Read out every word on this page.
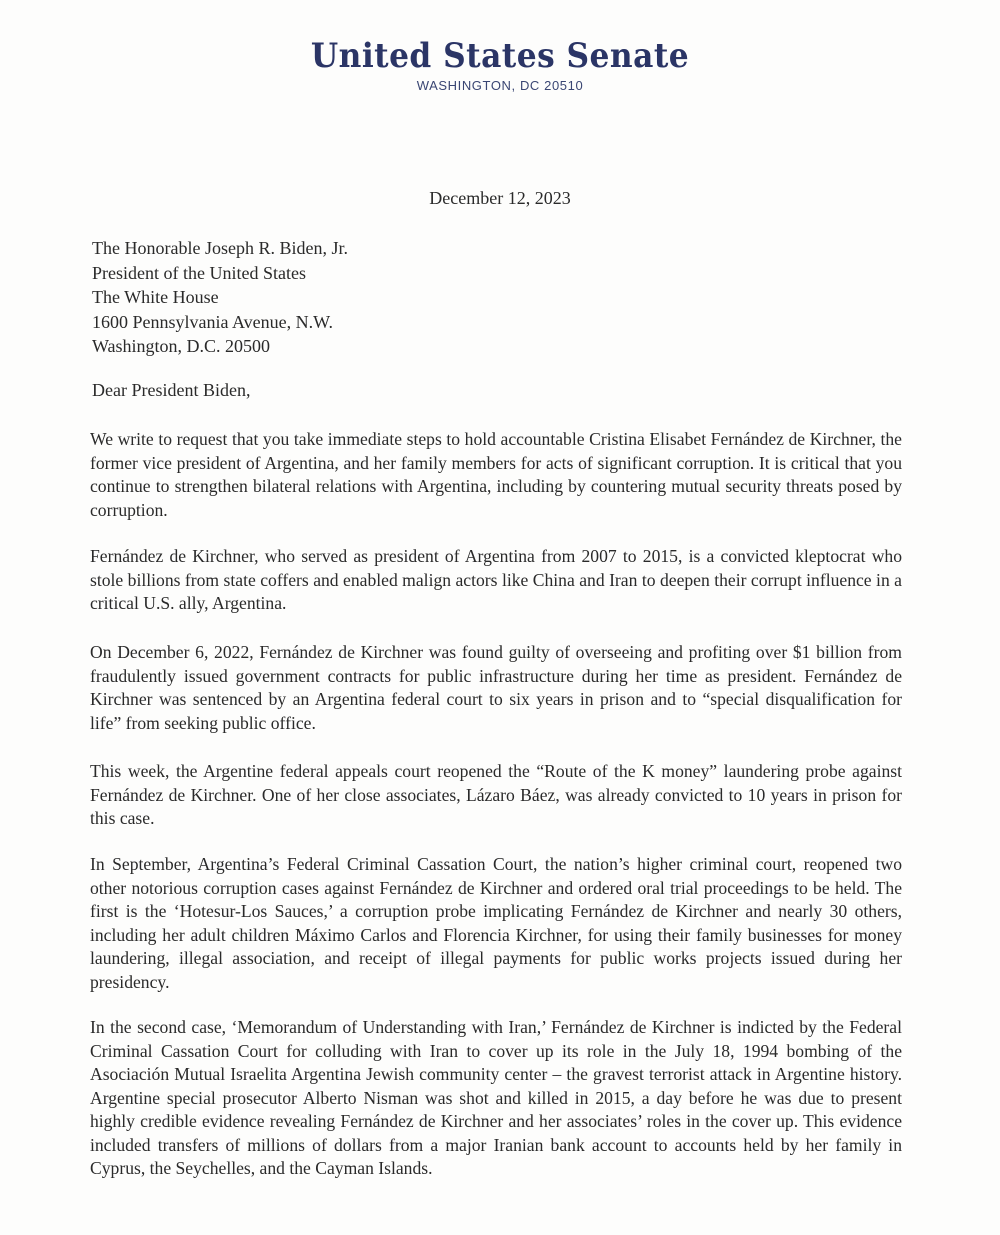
United States Senate
WASHINGTON, DC 20510
December 12, 2023
The Honorable Joseph R. Biden, Jr.
President of the United States
The White House
1600 Pennsylvania Avenue, N.W.
Washington, D.C. 20500
Dear President Biden,

We write to request that you take immediate steps to hold accountable Cristina Elisabet Fernández de Kirchner, the former vice president of Argentina, and her family members for acts of significant corruption. It is critical that you continue to strengthen bilateral relations with Argentina, including by countering mutual security threats posed by corruption.

Fernández de Kirchner, who served as president of Argentina from 2007 to 2015, is a convicted kleptocrat who stole billions from state coffers and enabled malign actors like China and Iran to deepen their corrupt influence in a critical U.S. ally, Argentina.

On December 6, 2022, Fernández de Kirchner was found guilty of overseeing and profiting over $1 billion from fraudulently issued government contracts for public infrastructure during her time as president. Fernández de Kirchner was sentenced by an Argentina federal court to six years in prison and to “special disqualification for life” from seeking public office.

This week, the Argentine federal appeals court reopened the “Route of the K money” laundering probe against Fernández de Kirchner. One of her close associates, Lázaro Báez, was already convicted to 10 years in prison for this case.

In September, Argentina’s Federal Criminal Cassation Court, the nation’s higher criminal court, reopened two other notorious corruption cases against Fernández de Kirchner and ordered oral trial proceedings to be held. The first is the ‘Hotesur-Los Sauces,’ a corruption probe implicating Fernández de Kirchner and nearly 30 others, including her adult children Máximo Carlos and Florencia Kirchner, for using their family businesses for money laundering, illegal association, and receipt of illegal payments for public works projects issued during her presidency.

In the second case, ‘Memorandum of Understanding with Iran,’ Fernández de Kirchner is indicted by the Federal Criminal Cassation Court for colluding with Iran to cover up its role in the July 18, 1994 bombing of the Asociación Mutual Israelita Argentina Jewish community center – the gravest terrorist attack in Argentine history. Argentine special prosecutor Alberto Nisman was shot and killed in 2015, a day before he was due to present highly credible evidence revealing Fernández de Kirchner and her associates’ roles in the cover up. This evidence included transfers of millions of dollars from a major Iranian bank account to accounts held by her family in Cyprus, the Seychelles, and the Cayman Islands.
